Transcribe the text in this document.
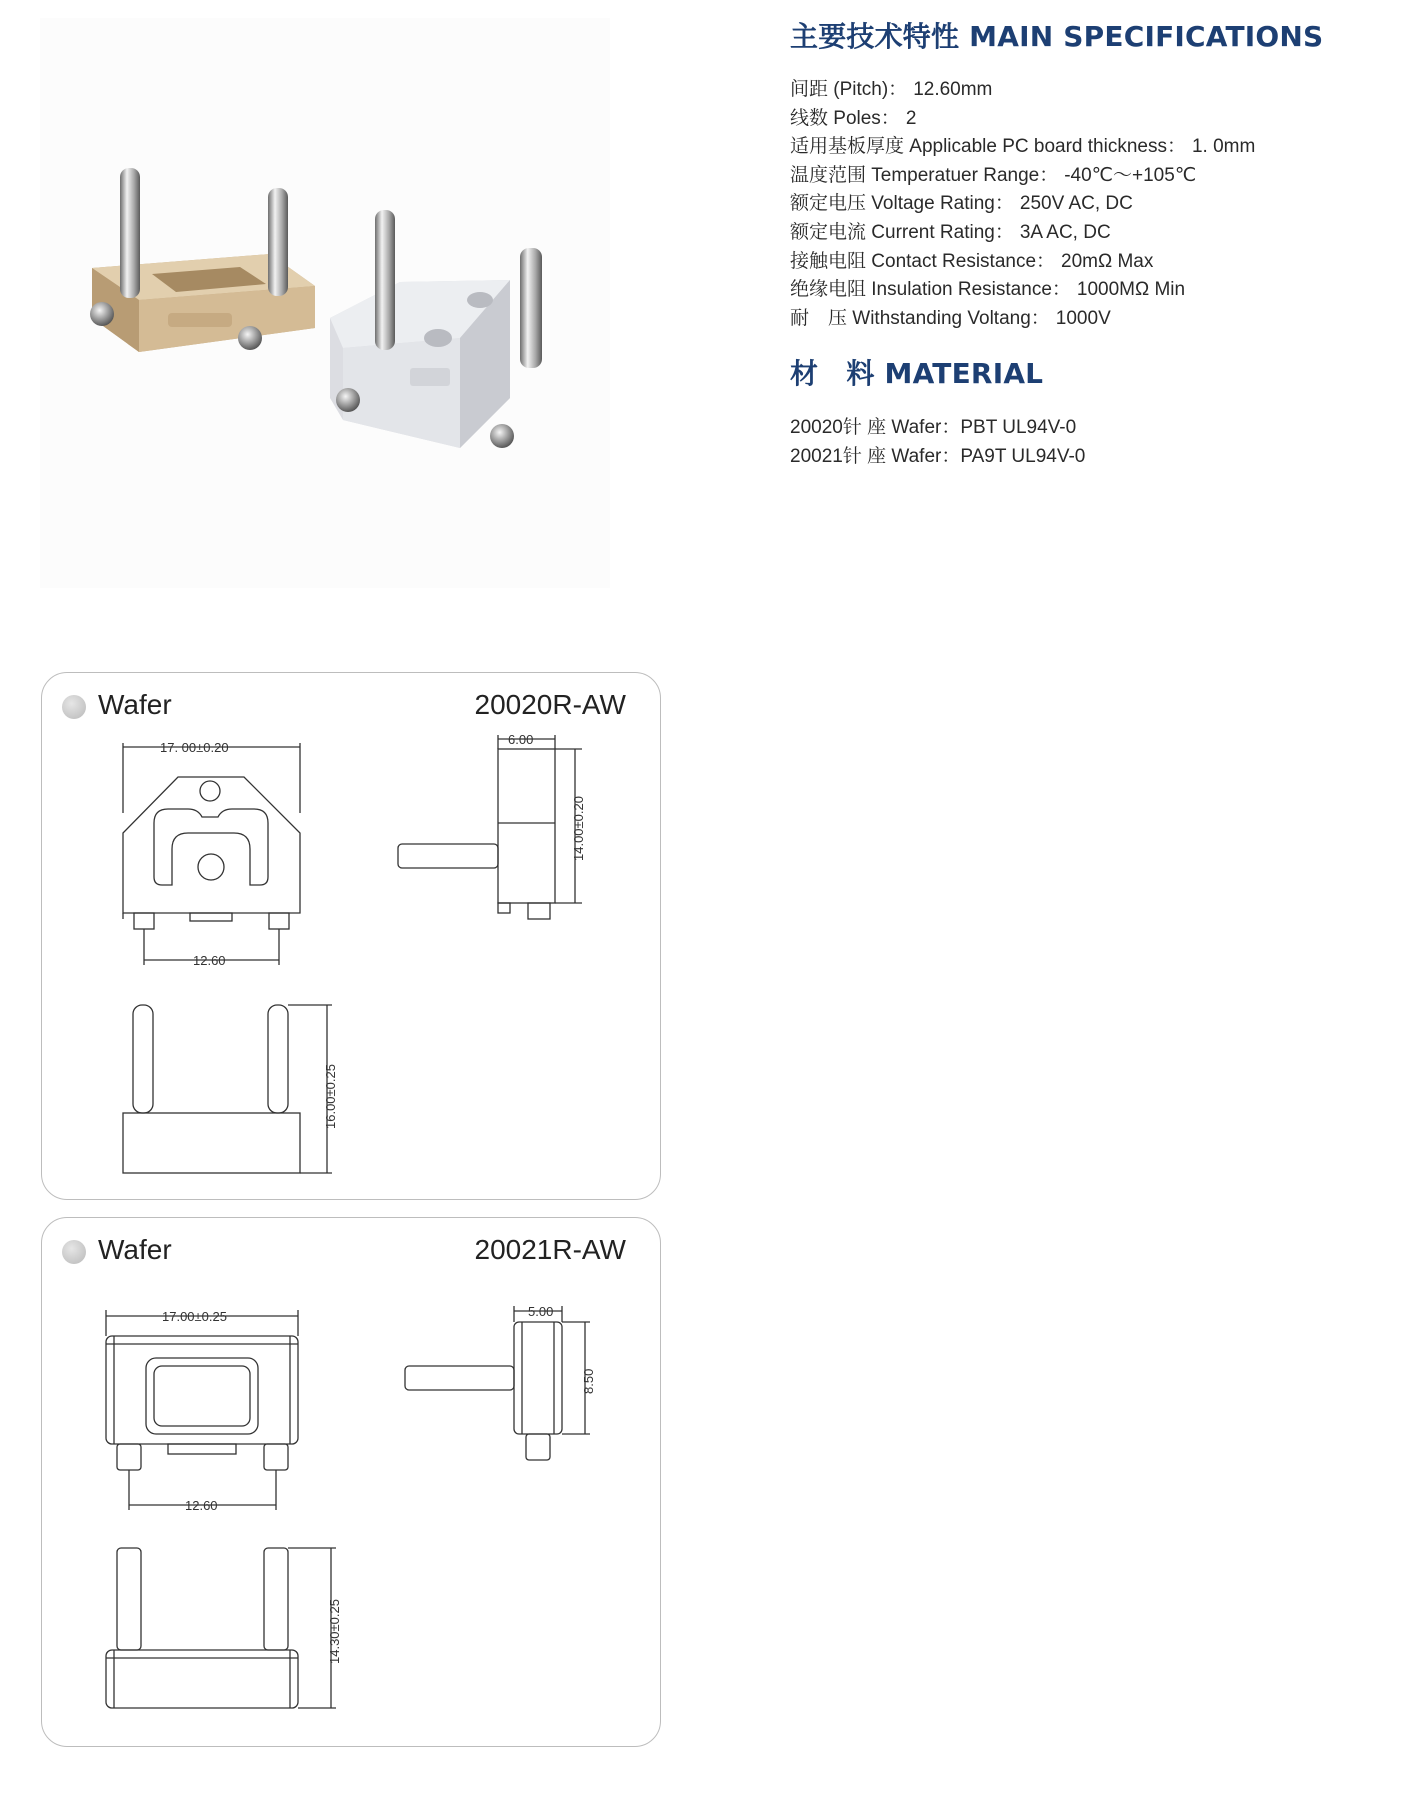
主要技术特性 MAIN SPECIFICATIONS
间距 (Pitch)： 12.60mm
线数 Poles： 2
适用基板厚度 Applicable PC board thickness： 1. 0mm
温度范围 Temperatuer Range： -40℃～+105℃
额定电压 Voltage Rating： 250V AC, DC
额定电流 Current Rating： 3A AC, DC
接触电阻 Contact Resistance： 20mΩ Max
绝缘电阻 Insulation Resistance： 1000MΩ Min
耐　压 Withstanding Voltang： 1000V
材　料 MATERIAL
20020针 座 Wafer：PBT UL94V-0
20021针 座 Wafer：PA9T UL94V-0
Wafer	20020R-AW
17. 00±0.20
12.60
6.00
14.00±0.20
16.00±0.25
Wafer	20021R-AW
17.00±0.25
12.60
5.00
8.50
14.30±0.25
